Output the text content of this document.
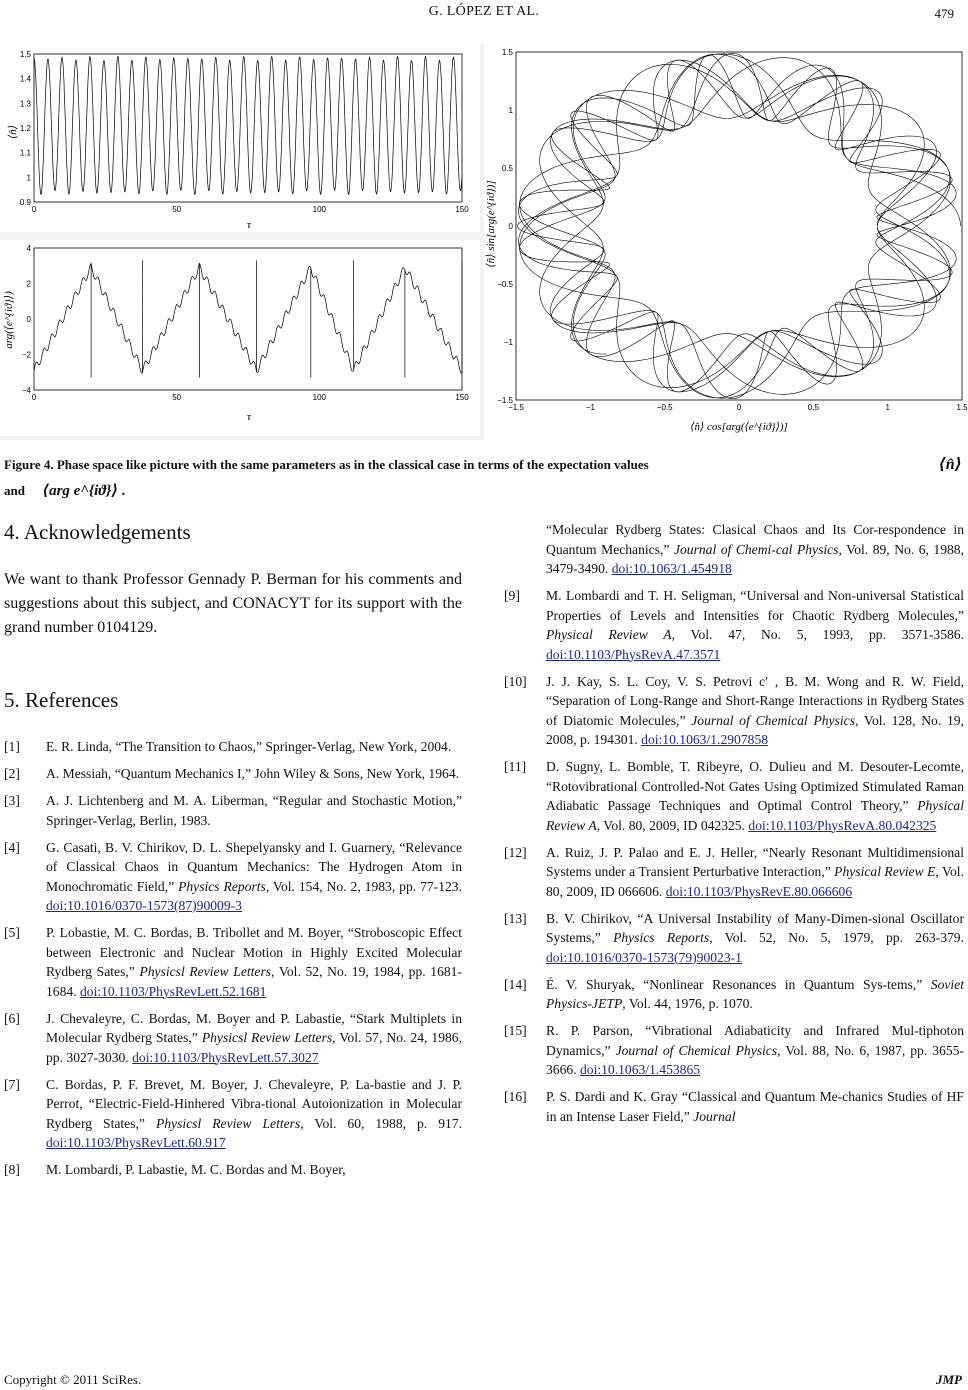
G. LÓPEZ ET AL.	479
1.5
1.4
1.3
1.2
1.1
1
0.9
0	50	100	150
⟨n̂⟩
τ
4
2
0
−2
−4
0	50	100	150
arg(⟨e^{iϑ}⟩)
τ
1.5
1
0.5
0
−0.5
−1
−1.5
−1.5	−1	−0.5	0	0.5	1	1.5
⟨n̂⟩ sin[arg(e^{iϑ})]
⟨n̂⟩ cos[arg(⟨e^{iϑ}⟩)]
Figure 4. Phase space like picture with the same parameters as in the classical case in terms of the expectation values	⟨n̂⟩

and ⟨arg e^{iϑ}⟩ .
4. Acknowledgements
We want to thank Professor Gennady P. Berman for his comments and suggestions about this subject, and CONACYT for its support with the grand number 0104129.
5. References
[1] E. R. Linda, “The Transition to Chaos,” Springer-Verlag, New York, 2004.
[2] A. Messiah, “Quantum Mechanics I,” John Wiley & Sons, New York, 1964.
[3] A. J. Lichtenberg and M. A. Liberman, “Regular and Stochastic Motion,” Springer-Verlag, Berlin, 1983.
[4] G. Casati, B. V. Chirikov, D. L. Shepelyansky and I. Guarnery, “Relevance of Classical Chaos in Quantum Mechanics: The Hydrogen Atom in Monochromatic Field,” Physics Reports, Vol. 154, No. 2, 1983, pp. 77-123. doi:10.1016/0370-1573(87)90009-3
[5] P. Lobastie, M. C. Bordas, B. Tribollet and M. Boyer, “Stroboscopic Effect between Electronic and Nuclear Motion in Highly Excited Molecular Rydberg Sates,” Physicsl Review Letters, Vol. 52, No. 19, 1984, pp. 1681-1684. doi:10.1103/PhysRevLett.52.1681
[6] J. Chevaleyre, C. Bordas, M. Boyer and P. Labastie, “Stark Multiplets in Molecular Rydberg States,” Physicsl Review Letters, Vol. 57, No. 24, 1986, pp. 3027-3030. doi:10.1103/PhysRevLett.57.3027
[7] C. Bordas, P. F. Brevet, M. Boyer, J. Chevaleyre, P. La-bastie and J. P. Perrot, “Electric-Field-Hinhered Vibra-tional Autoionization in Molecular Rydberg States,” Physicsl Review Letters, Vol. 60, 1988, p. 917. doi:10.1103/PhysRevLett.60.917
[8] M. Lombardi, P. Labastie, M. C. Bordas and M. Boyer,
“Molecular Rydberg States: Clasical Chaos and Its Cor-respondence in Quantum Mechanics,” Journal of Chemi-cal Physics, Vol. 89, No. 6, 1988, 3479-3490. doi:10.1063/1.454918
[9] M. Lombardi and T. H. Seligman, “Universal and Non-universal Statistical Properties of Levels and Intensities for Chaotic Rydberg Molecules,” Physical Review A, Vol. 47, No. 5, 1993, pp. 3571-3586. doi:10.1103/PhysRevA.47.3571
[10] J. J. Kay, S. L. Coy, V. S. Petrovi c′ , B. M. Wong and R. W. Field, “Separation of Long-Range and Short-Range Interactions in Rydberg States of Diatomic Molecules,” Journal of Chemical Physics, Vol. 128, No. 19, 2008, p. 194301. doi:10.1063/1.2907858
[11] D. Sugny, L. Bomble, T. Ribeyre, O. Dulieu and M. Desouter-Lecomte, “Rotovibrational Controlled-Not Gates Using Optimized Stimulated Raman Adiabatic Passage Techniques and Optimal Control Theory,” Physical Review A, Vol. 80, 2009, ID 042325. doi:10.1103/PhysRevA.80.042325
[12] A. Ruiz, J. P. Palao and E. J. Heller, “Nearly Resonant Multidimensional Systems under a Transient Perturbative Interaction,” Physical Review E, Vol. 80, 2009, ID 066606. doi:10.1103/PhysRevE.80.066606
[13] B. V. Chirikov, “A Universal Instability of Many-Dimen-sional Oscillator Systems,” Physics Reports, Vol. 52, No. 5, 1979, pp. 263-379. doi:10.1016/0370-1573(79)90023-1
[14] É. V. Shuryak, “Nonlinear Resonances in Quantum Sys-tems,” Soviet Physics-JETP, Vol. 44, 1976, p. 1070.
[15] R. P. Parson, “Vibrational Adiabaticity and Infrared Mul-tiphoton Dynamics,” Journal of Chemical Physics, Vol. 88, No. 6, 1987, pp. 3655-3666. doi:10.1063/1.453865
[16] P. S. Dardi and K. Gray “Classical and Quantum Me-chanics Studies of HF in an Intense Laser Field,” Journal
Copyright © 2011 SciRes.	JMP
